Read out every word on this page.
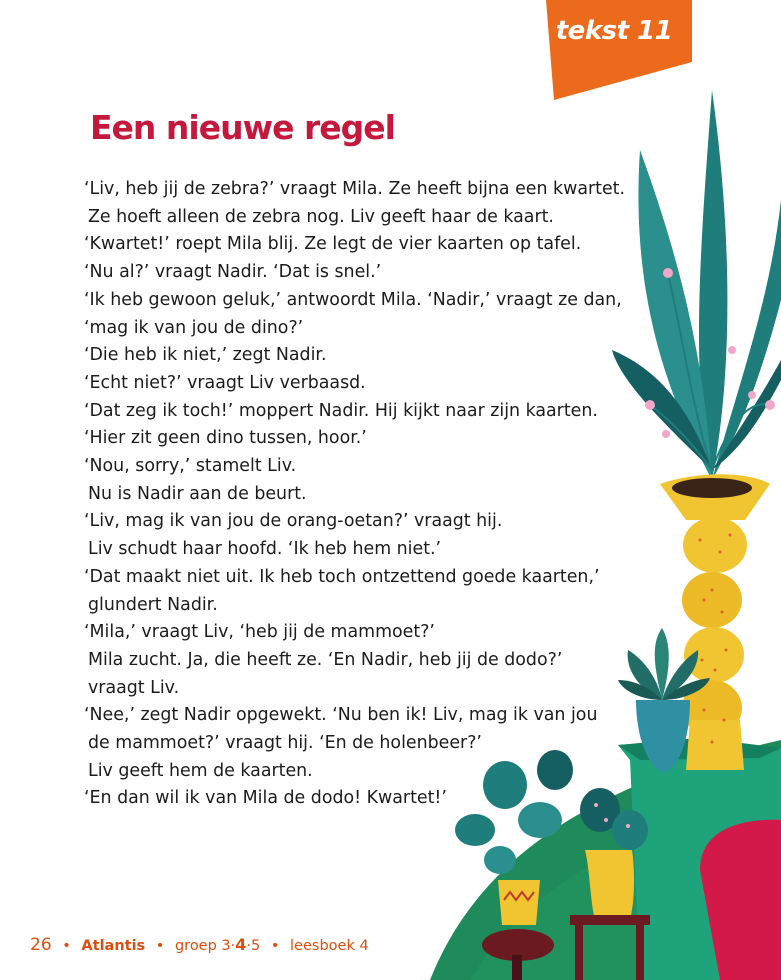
tekst 11
Een nieuwe regel
‘Liv, heb jij de zebra?’ vraagt Mila. Ze heeft bijna een kwartet.
Ze hoeft alleen de zebra nog. Liv geeft haar de kaart.
‘Kwartet!’ roept Mila blij. Ze legt de vier kaarten op tafel.
‘Nu al?’ vraagt Nadir. ‘Dat is snel.’
‘Ik heb gewoon geluk,’ antwoordt Mila. ‘Nadir,’ vraagt ze dan,
‘mag ik van jou de dino?’
‘Die heb ik niet,’ zegt Nadir.
‘Echt niet?’ vraagt Liv verbaasd.
‘Dat zeg ik toch!’ moppert Nadir. Hij kijkt naar zijn kaarten.
‘Hier zit geen dino tussen, hoor.’
‘Nou, sorry,’ stamelt Liv.
Nu is Nadir aan de beurt.
‘Liv, mag ik van jou de orang-oetan?’ vraagt hij.
Liv schudt haar hoofd. ‘Ik heb hem niet.’
‘Dat maakt niet uit. Ik heb toch ontzettend goede kaarten,’
glundert Nadir.
‘Mila,’ vraagt Liv, ‘heb jij de mammoet?’
Mila zucht. Ja, die heeft ze. ‘En Nadir, heb jij de dodo?’
vraagt Liv.
‘Nee,’ zegt Nadir opgewekt. ‘Nu ben ik! Liv, mag ik van jou
de mammoet?’ vraagt hij. ‘En de holenbeer?’
Liv geeft hem de kaarten.
‘En dan wil ik van Mila de dodo! Kwartet!’
26 • Atlantis • groep 3·4·5 • leesboek 4
